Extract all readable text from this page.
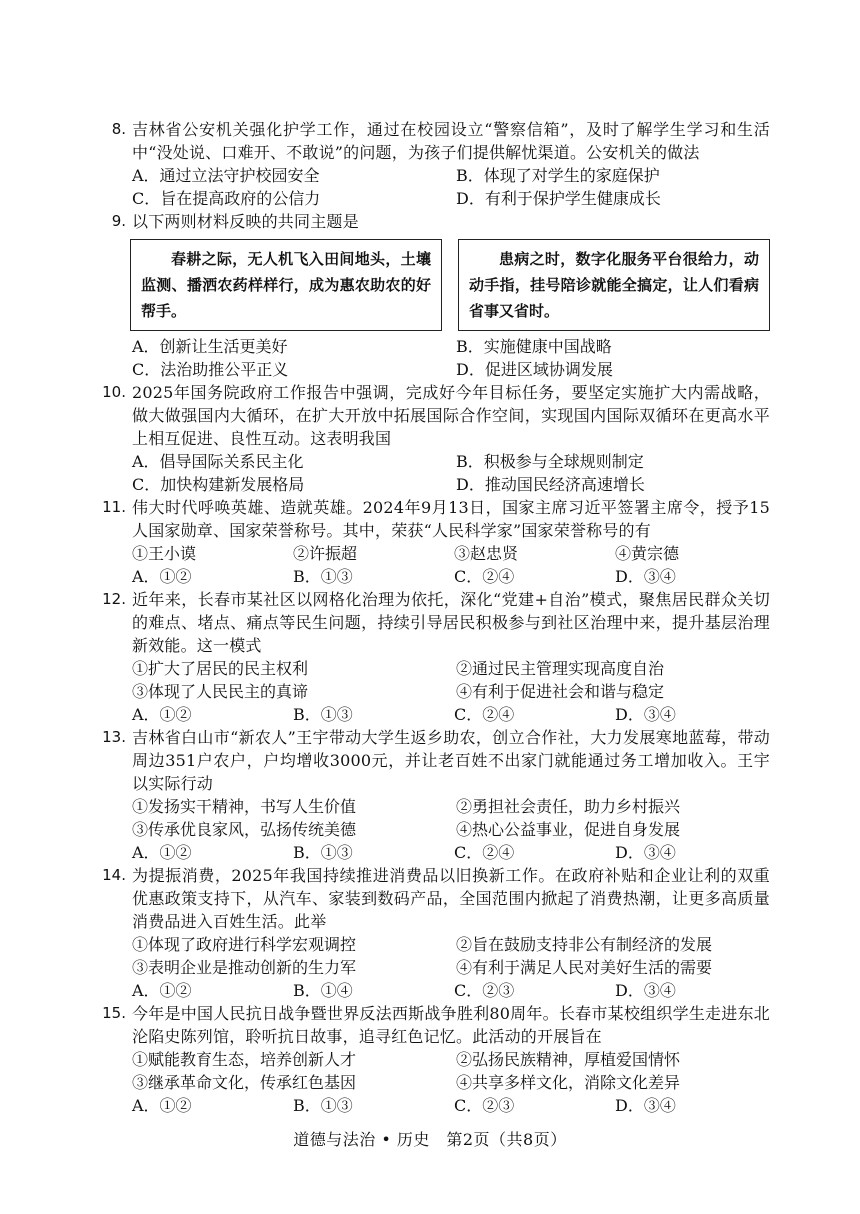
8. 吉林省公安机关强化护学工作，通过在校园设立“警察信箱”，及时了解学生学习和生活中“没处说、口难开、不敢说”的问题，为孩子们提供解忧渠道。公安机关的做法
A．通过立法守护校园安全	B．体现了对学生的家庭保护
C．旨在提高政府的公信力	D．有利于保护学生健康成长
9. 以下两则材料反映的共同主题是
春耕之际，无人机飞入田间地头，土壤监测、播洒农药样样行，成为惠农助农的好帮手。
患病之时，数字化服务平台很给力，动动手指，挂号陪诊就能全搞定，让人们看病省事又省时。
A．创新让生活更美好	B．实施健康中国战略
C．法治助推公平正义	D．促进区域协调发展
10. 2025年国务院政府工作报告中强调，完成好今年目标任务，要坚定实施扩大内需战略，做大做强国内大循环，在扩大开放中拓展国际合作空间，实现国内国际双循环在更高水平上相互促进、良性互动。这表明我国
A．倡导国际关系民主化	B．积极参与全球规则制定
C．加快构建新发展格局	D．推动国民经济高速增长
11. 伟大时代呼唤英雄、造就英雄。2024年9月13日，国家主席习近平签署主席令，授予15人国家勋章、国家荣誉称号。其中，荣获“人民科学家”国家荣誉称号的有
①王小谟	②许振超	③赵忠贤	④黄宗德
A．①②	B．①③	C．②④	D．③④
12. 近年来，长春市某社区以网格化治理为依托，深化“党建+自治”模式，聚焦居民群众关切的难点、堵点、痛点等民生问题，持续引导居民积极参与到社区治理中来，提升基层治理新效能。这一模式
①扩大了居民的民主权利	②通过民主管理实现高度自治
③体现了人民民主的真谛	④有利于促进社会和谐与稳定
A．①②	B．①③	C．②④	D．③④
13. 吉林省白山市“新农人”王宇带动大学生返乡助农，创立合作社，大力发展寒地蓝莓，带动周边351户农户，户均增收3000元，并让老百姓不出家门就能通过务工增加收入。王宇以实际行动
①发扬实干精神，书写人生价值	②勇担社会责任，助力乡村振兴
③传承优良家风，弘扬传统美德	④热心公益事业，促进自身发展
A．①②	B．①③	C．②④	D．③④
14. 为提振消费，2025年我国持续推进消费品以旧换新工作。在政府补贴和企业让利的双重优惠政策支持下，从汽车、家装到数码产品，全国范围内掀起了消费热潮，让更多高质量消费品进入百姓生活。此举
①体现了政府进行科学宏观调控	②旨在鼓励支持非公有制经济的发展
③表明企业是推动创新的生力军	④有利于满足人民对美好生活的需要
A．①②	B．①④	C．②③	D．③④
15. 今年是中国人民抗日战争暨世界反法西斯战争胜利80周年。长春市某校组织学生走进东北沦陷史陈列馆，聆听抗日故事，追寻红色记忆。此活动的开展旨在
①赋能教育生态，培养创新人才	②弘扬民族精神，厚植爱国情怀
③继承革命文化，传承红色基因	④共享多样文化，消除文化差异
A．①②	B．①③	C．②③	D．③④
道德与法治 • 历史　第2页（共8页）
